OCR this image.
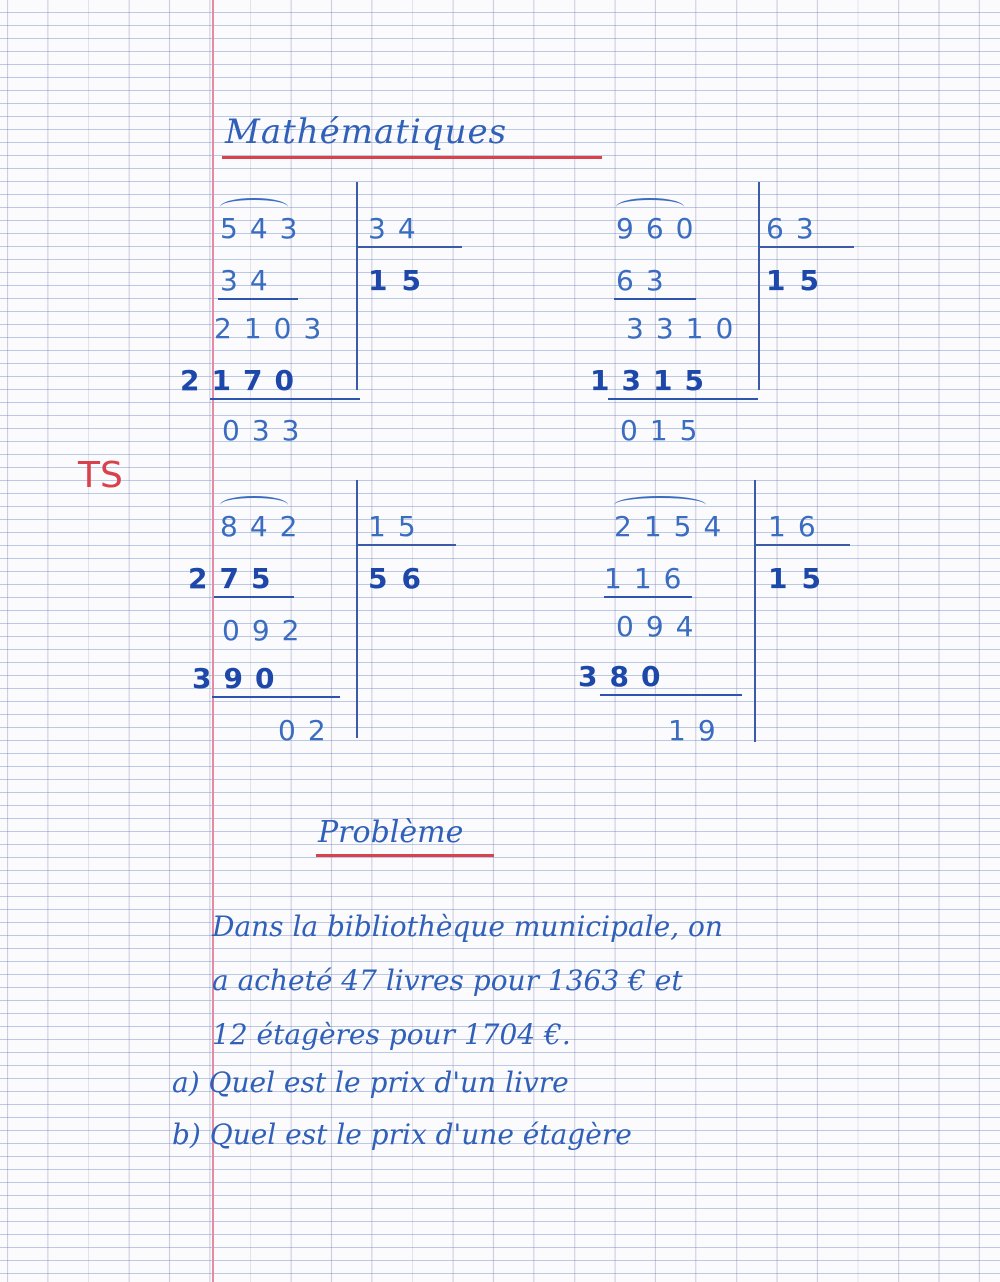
Mathématiques
TS
543 34
15
34
2103
2170
033
960 63
15
63
3310
1315
015
842 15
56
275
092
390
02
2154 16
15
116
094
380
19
Problème
Dans la bibliothèque municipale, on
a acheté 47 livres pour 1363 € et
12 étagères pour 1704 €.
a) Quel est le prix d'un livre
b) Quel est le prix d'une étagère
